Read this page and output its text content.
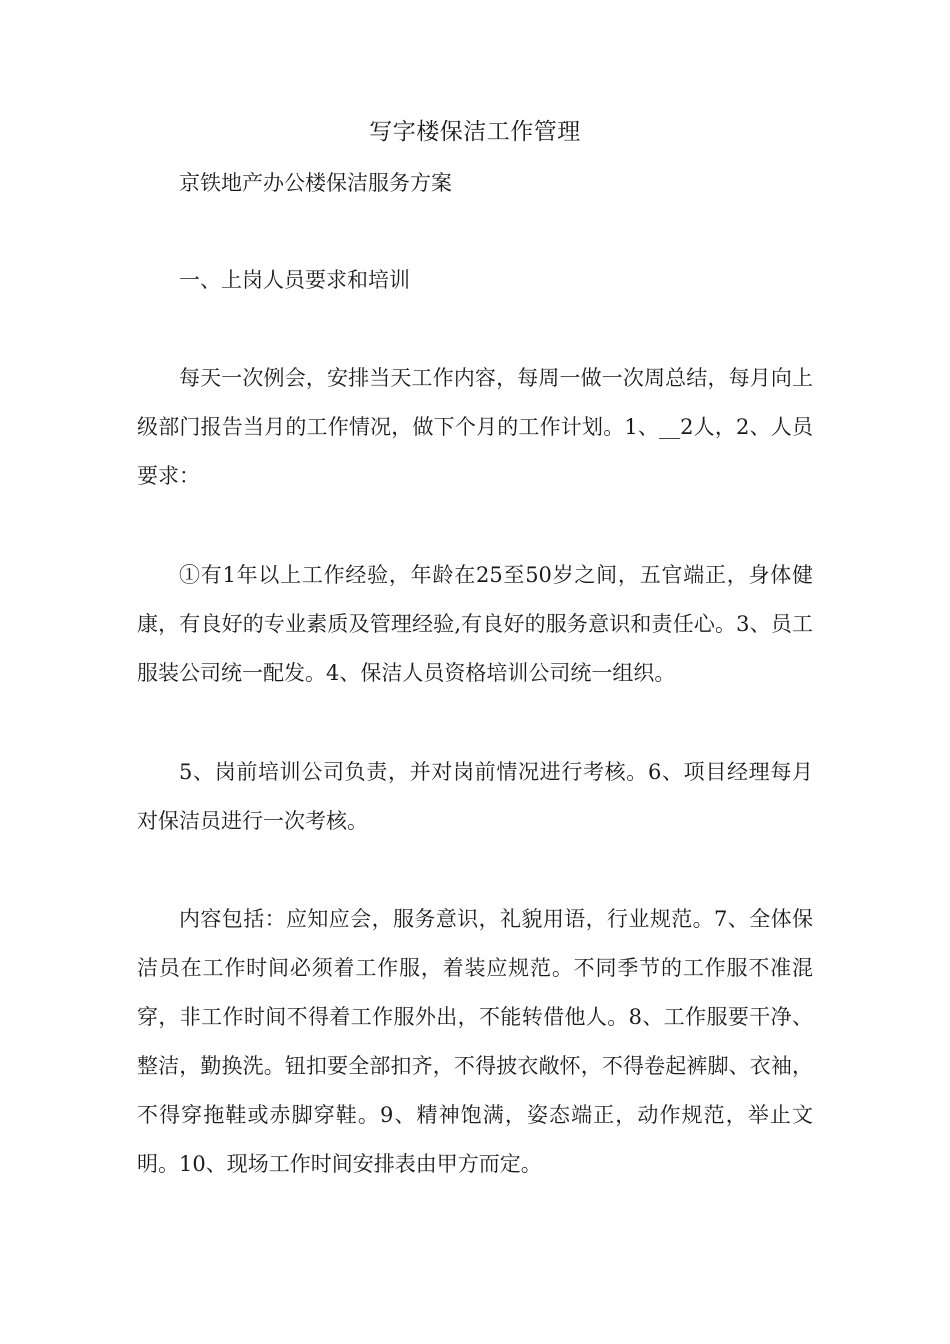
写字楼保洁工作管理

京铁地产办公楼保洁服务方案

一、上岗人员要求和培训

每天一次例会，安排当天工作内容，每周一做一次周总结，每月向上级部门报告当月的工作情况，做下个月的工作计划。1、__2人，2、人员要求：

①有1年以上工作经验，年龄在25至50岁之间，五官端正，身体健康，有良好的专业素质及管理经验,有良好的服务意识和责任心。3、员工服装公司统一配发。4、保洁人员资格培训公司统一组织。

5、岗前培训公司负责，并对岗前情况进行考核。6、项目经理每月对保洁员进行一次考核。

内容包括：应知应会，服务意识，礼貌用语，行业规范。7、全体保洁员在工作时间必须着工作服，着装应规范。不同季节的工作服不准混穿，非工作时间不得着工作服外出，不能转借他人。8、工作服要干净、整洁，勤换洗。钮扣要全部扣齐，不得披衣敞怀，不得卷起裤脚、衣袖，不得穿拖鞋或赤脚穿鞋。9、精神饱满，姿态端正，动作规范，举止文明。10、现场工作时间安排表由甲方而定。
